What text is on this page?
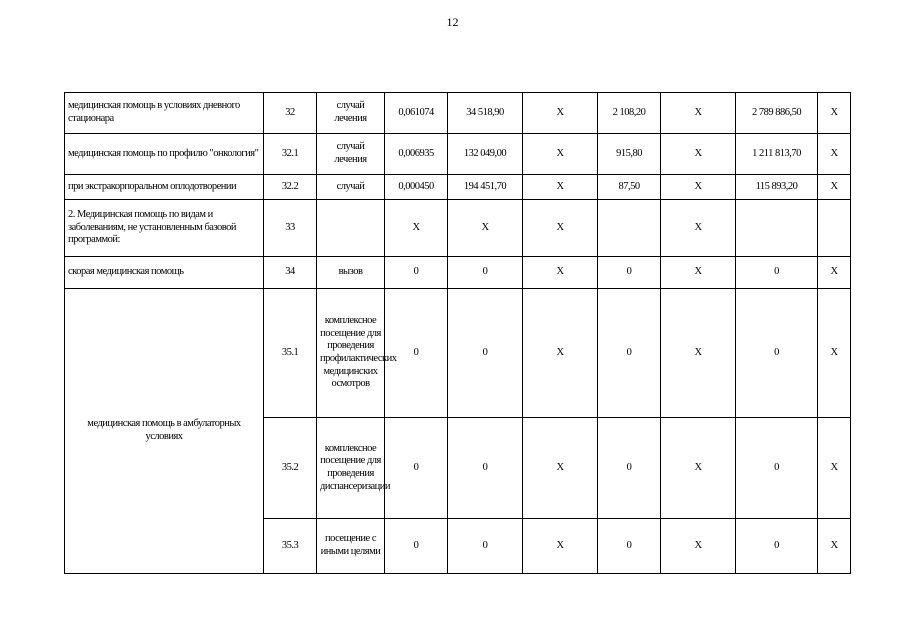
12
медицинская помощь в условиях дневного стационара	32	случай лечения	0,061074	34 518,90	Х	2 108,20	Х	2 789 886,50	Х
медицинская помощь по профилю "онкология"	32.1	случай лечения	0,006935	132 049,00	Х	915,80	Х	1 211 813,70	Х
при экстракорпоральном оплодотворении	32.2	случай	0,000450	194 451,70	Х	87,50	Х	115 893,20	Х
2. Медицинская помощь по видам и заболеваниям, не установленным базовой программой:	33		Х	Х	Х		Х		
скорая медицинская помощь	34	вызов	0	0	Х	0	Х	0	Х
медицинская помощь в амбулаторных условиях	35.1	комплексное посещение для проведения профилактических медицинских осмотров	0	0	Х	0	Х	0	Х
	35.2	комплексное посещение для проведения диспансеризации	0	0	Х	0	Х	0	Х
	35.3	посещение с иными целями	0	0	Х	0	Х	0	Х
